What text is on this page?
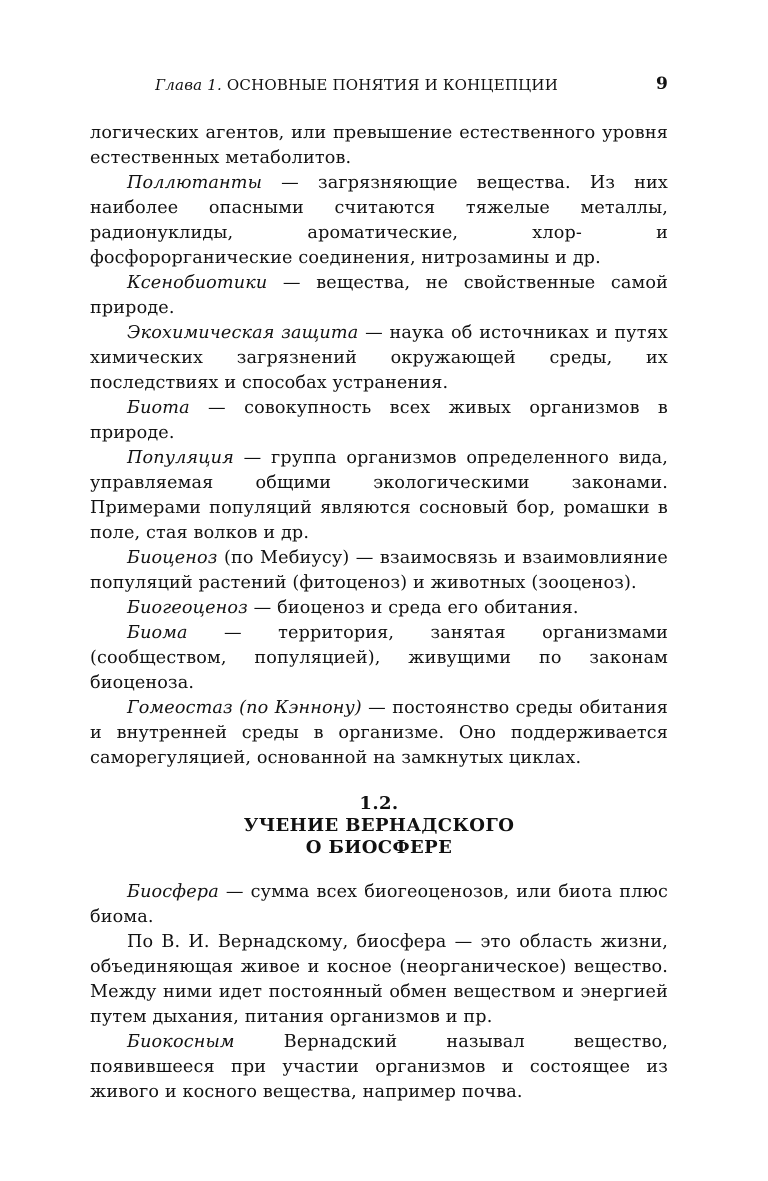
Глава 1. ОСНОВНЫЕ ПОНЯТИЯ И КОНЦЕПЦИИ	9

логических агентов, или превышение естественного уровня естественных метаболитов.

Поллютанты — загрязняющие вещества. Из них наиболее опасными считаются тяжелые металлы, радионуклиды, ароматические, хлор- и фосфорорганические соединения, нитрозамины и др.

Ксенобиотики — вещества, не свойственные самой природе.

Экохимическая защита — наука об источниках и путях химических загрязнений окружающей среды, их последствиях и способах устранения.

Биота — совокупность всех живых организмов в природе.

Популяция — группа организмов определенного вида, управляемая общими экологическими законами. Примерами популяций являются сосновый бор, ромашки в поле, стая волков и др.

Биоценоз (по Мебиусу) — взаимосвязь и взаимовлияние популяций растений (фитоценоз) и животных (зооценоз).

Биогеоценоз — биоценоз и среда его обитания.

Биома — территория, занятая организмами (сообществом, популяцией), живущими по законам биоценоза.

Гомеостаз (по Кэннону) — постоянство среды обитания и внутренней среды в организме. Оно поддерживается саморегуляцией, основанной на замкнутых циклах.

1.2.
УЧЕНИЕ ВЕРНАДСКОГО
О БИОСФЕРЕ

Биосфера — сумма всех биогеоценозов, или биота плюс биома.

По В. И. Вернадскому, биосфера — это область жизни, объединяющая живое и косное (неорганическое) вещество. Между ними идет постоянный обмен веществом и энергией путем дыхания, питания организмов и пр.

Биокосным Вернадский называл вещество, появившееся при участии организмов и состоящее из живого и косного вещества, например почва.
